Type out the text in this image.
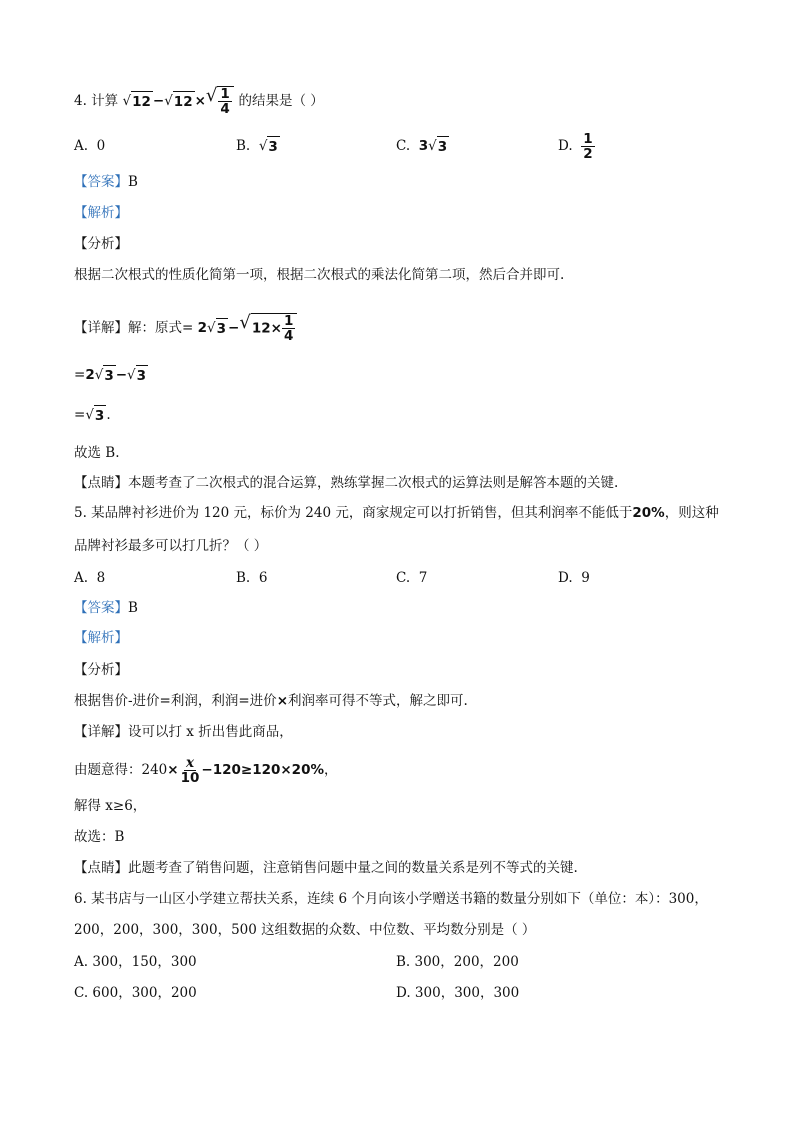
4. 计算 √ 12 − √ 12 × √ $\frac{1}{4}$ 的结果是（ ）
A. 0	B. √ 3	C. 3 √ 3	D. $\frac{1}{2}$
【答案】B
【解析】
【分析】
根据二次根式的性质化简第一项，根据二次根式的乘法化简第二项，然后合并即可.
【详解】解：原式= 2 √ 3 − √ $12\times \frac{1}{4}$
=2 √ 3 − √ 3
= √ 3 .
故选 B.
【点睛】本题考查了二次根式的混合运算，熟练掌握二次根式的运算法则是解答本题的关键.
5. 某品牌衬衫进价为 120 元，标价为 240 元，商家规定可以打折销售，但其利润率不能低于20%，则这种
品牌衬衫最多可以打几折？（ ）
A. 8	B. 6	C. 7	D. 9
【答案】B
【解析】
【分析】
根据售价-进价=利润，利润=进价×利润率可得不等式，解之即可.
【详解】设可以打 x 折出售此商品，
由题意得：$240\times \frac{x}{10} -120\ge 120\times 20\%$，
解得 x≥6，
故选：B
【点睛】此题考查了销售问题，注意销售问题中量之间的数量关系是列不等式的关键.
6. 某书店与一山区小学建立帮扶关系，连续 6 个月向该小学赠送书籍的数量分别如下（单位：本）：300，
200，200，300，300，500 这组数据的众数、中位数、平均数分别是（ ）
A. 300，150，300	B. 300，200，200
C. 600，300，200	D. 300，300，300
